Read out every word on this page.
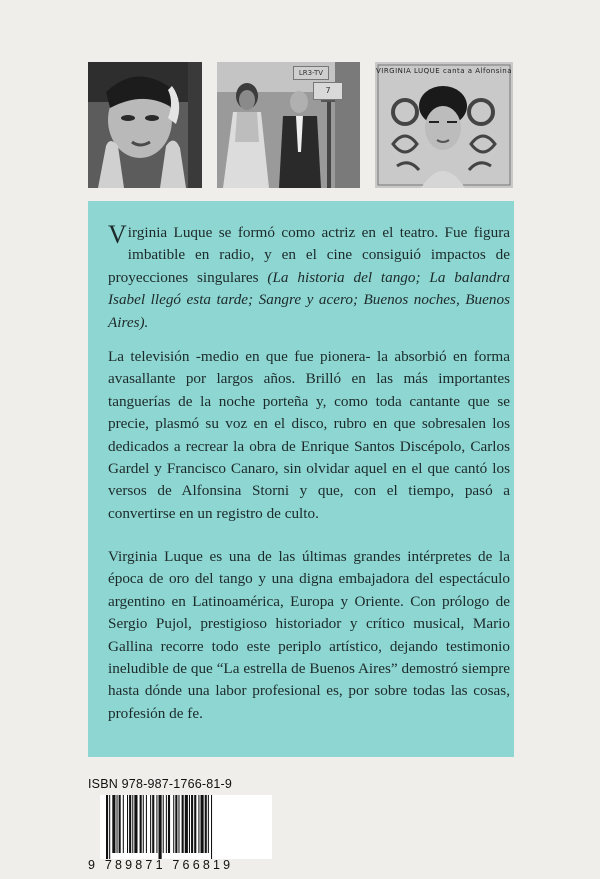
LR3-TV
7
VIRGINIA LUQUE canta a Alfonsina

Virginia Luque se formó como actriz en el teatro. Fue figura imbatible en radio, y en el cine consiguió impactos de proyecciones singulares (La historia del tango; La balandra Isabel llegó esta tarde; Sangre y acero; Buenos noches, Buenos Aires).

La televisión -medio en que fue pionera- la absorbió en forma avasallante por largos años. Brilló en las más importantes tanguerías de la noche porteña y, como toda cantante que se precie, plasmó su voz en el disco, rubro en que sobresalen los dedicados a recrear la obra de Enrique Santos Discépolo, Carlos Gardel y Francisco Canaro, sin olvidar aquel en el que cantó los versos de Alfonsina Storni y que, con el tiempo, pasó a convertirse en un registro de culto.

Virginia Luque es una de las últimas grandes intérpretes de la época de oro del tango y una digna embajadora del espectáculo argentino en Latinoamérica, Europa y Oriente. Con prólogo de Sergio Pujol, prestigioso historiador y crítico musical, Mario Gallina recorre todo este periplo artístico, dejando testimonio ineludible de que “La estrella de Buenos Aires” demostró siempre hasta dónde una labor profesional es, por sobre todas las cosas, profesión de fe.

ISBN 978-987-1766-81-9
9 789871 766819
